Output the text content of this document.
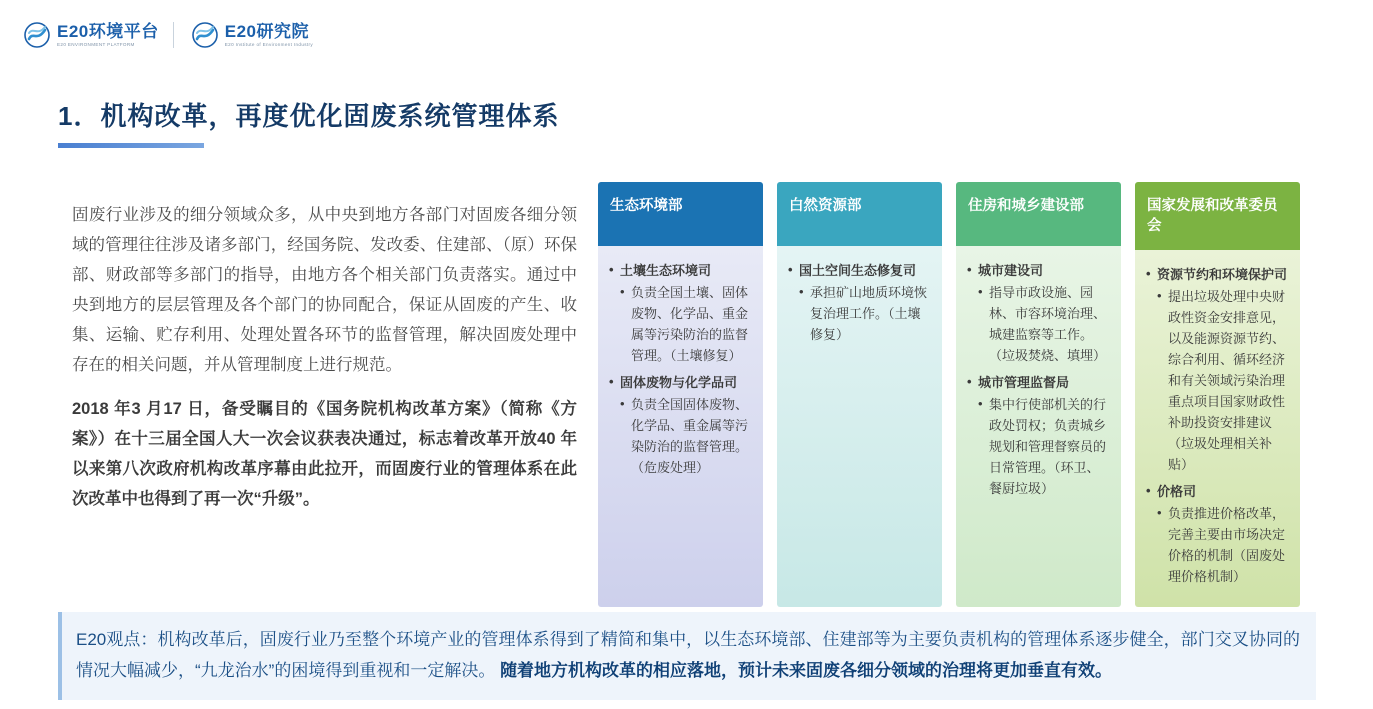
E20环境平台
E20 ENVIRONMENT PLATFORM
E20研究院
E20 Institute of Environment Industry
1．机构改革，再度优化固废系统管理体系

固废行业涉及的细分领域众多，从中央到地方各部门对固废各细分领域的管理往往涉及诸多部门，经国务院、发改委、住建部、（原）环保部、财政部等多部门的指导，由地方各个相关部门负责落实。通过中央到地方的层层管理及各个部门的协同配合，保证从固废的产生、收集、运输、贮存利用、处理处置各环节的监督管理，解决固废处理中存在的相关问题，并从管理制度上进行规范。

2018 年3 月17 日，备受瞩目的《国务院机构改革方案》（简称《方案》）在十三届全国人大一次会议获表决通过，标志着改革开放40 年以来第八次政府机构改革序幕由此拉开，而固废行业的管理体系在此次改革中也得到了再一次“升级”。

生态环境部
• 土壤生态环境司
• 负责全国土壤、固体废物、化学品、重金属等污染防治的监督管理。（土壤修复）
• 固体废物与化学品司
• 负责全国固体废物、化学品、重金属等污染防治的监督管理。（危废处理）
白然资源部
• 国土空间生态修复司
• 承担矿山地质环境恢复治理工作。（土壤修复）
住房和城乡建设部
• 城市建设司
• 指导市政设施、园林、市容环境治理、城建监察等工作。（垃圾焚烧、填埋）
• 城市管理监督局
• 集中行使部机关的行政处罚权；负责城乡规划和管理督察员的日常管理。（环卫、餐厨垃圾）
国家发展和改革委员会
• 资源节约和环境保护司
• 提出垃圾处理中央财政性资金安排意见，以及能源资源节约、综合利用、循环经济和有关领域污染治理重点项目国家财政性补助投资安排建议（垃圾处理相关补贴）
• 价格司
• 负责推进价格改革，完善主要由市场决定价格的机制（固废处理价格机制）
E20观点：机构改革后，固废行业乃至整个环境产业的管理体系得到了精简和集中，以生态环境部、住建部等为主要负责机构的管理体系逐步健全，部门交叉协同的情况大幅减少，“九龙治水”的困境得到重视和一定解决。 随着地方机构改革的相应落地，预计未来固废各细分领域的治理将更加垂直有效。
